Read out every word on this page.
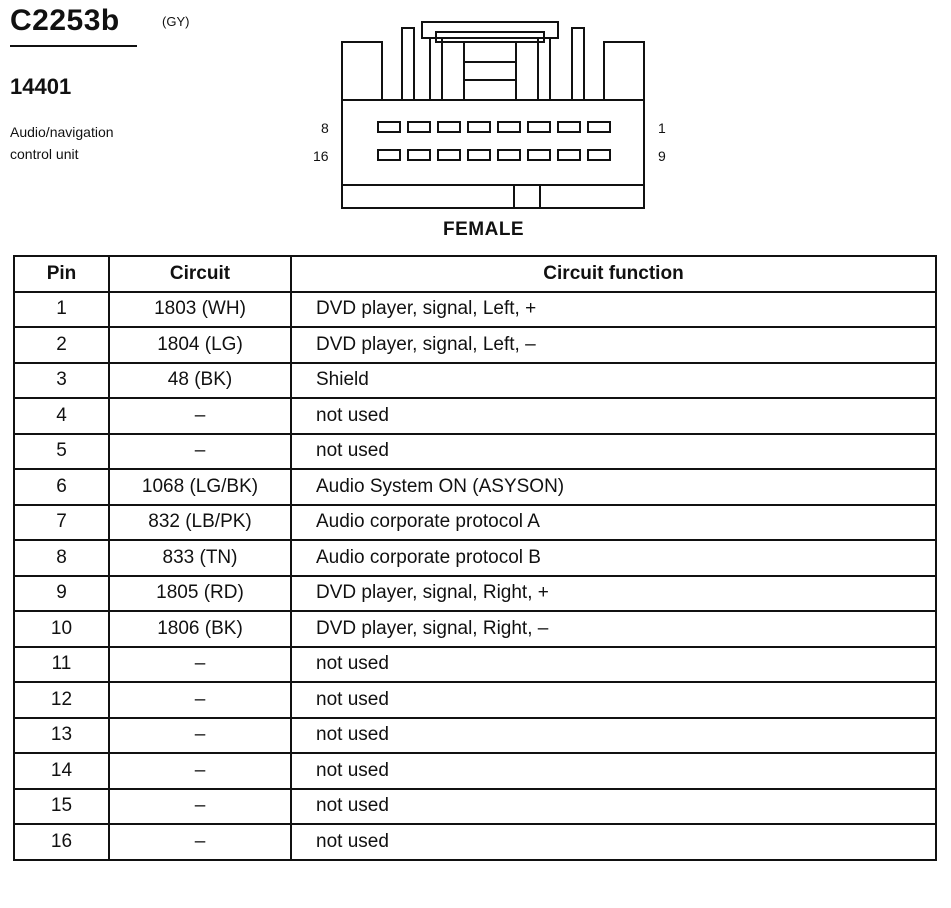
C2253b	(GY)
14401
Audio/navigation
control unit
8	1
16	9
FEMALE
Pin	Circuit	Circuit function
1	1803 (WH)	DVD player, signal, Left, +
2	1804 (LG)	DVD player, signal, Left, –
3	48 (BK)	Shield
4	–	not used
5	–	not used
6	1068 (LG/BK)	Audio System ON (ASYSON)
7	832 (LB/PK)	Audio corporate protocol A
8	833 (TN)	Audio corporate protocol B
9	1805 (RD)	DVD player, signal, Right, +
10	1806 (BK)	DVD player, signal, Right, –
11	–	not used
12	–	not used
13	–	not used
14	–	not used
15	–	not used
16	–	not used
